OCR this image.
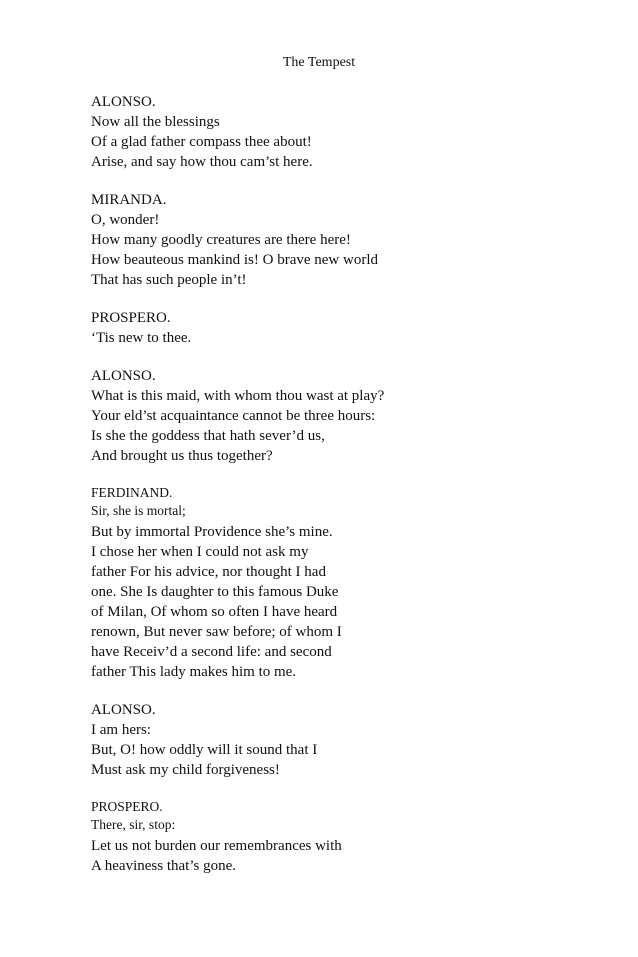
The Tempest
ALONSO.
Now all the blessings
Of a glad father compass thee about!
Arise, and say how thou cam’st here.
MIRANDA.
O, wonder!
How many goodly creatures are there here!
How beauteous mankind is! O brave new world
That has such people in’t!
PROSPERO.
‘Tis new to thee.
ALONSO.
What is this maid, with whom thou wast at play?
Your eld’st acquaintance cannot be three hours:
Is she the goddess that hath sever’d us,
And brought us thus together?
FERDINAND.
Sir, she is mortal;
But by immortal Providence she’s mine.
I chose her when I could not ask my
father For his advice, nor thought I had
one. She Is daughter to this famous Duke
of Milan, Of whom so often I have heard
renown, But never saw before; of whom I
have Receiv’d a second life: and second
father This lady makes him to me.
ALONSO.
I am hers:
But, O! how oddly will it sound that I
Must ask my child forgiveness!
PROSPERO.
There, sir, stop:
Let us not burden our remembrances with
A heaviness that’s gone.
